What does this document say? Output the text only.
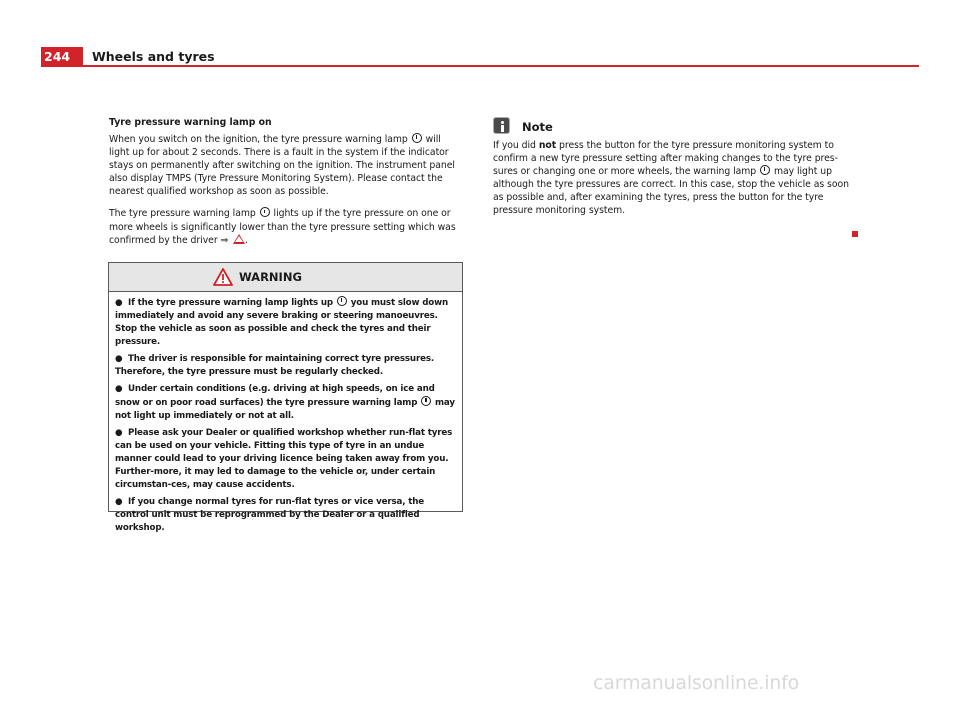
244	Wheels and tyres

Tyre pressure warning lamp on

When you switch on the ignition, the tyre pressure warning lamp will light up for about 2 seconds. There is a fault in the system if the indicator stays on permanently after switching on the ignition. The instrument panel also display TMPS (Tyre Pressure Monitoring System). Please contact the nearest qualified workshop as soon as possible.

The tyre pressure warning lamp lights up if the tyre pressure on one or more wheels is significantly lower than the tyre pressure setting which was confirmed by the driver ⇒ .

WARNING

● If the tyre pressure warning lamp lights up you must slow down immediately and avoid any severe braking or steering manoeuvres. Stop the vehicle as soon as possible and check the tyres and their pressure.

● The driver is responsible for maintaining correct tyre pressures. Therefore, the tyre pressure must be regularly checked.

● Under certain conditions (e.g. driving at high speeds, on ice and snow or on poor road surfaces) the tyre pressure warning lamp may not light up immediately or not at all.

● Please ask your Dealer or qualified workshop whether run-flat tyres can be used on your vehicle. Fitting this type of tyre in an undue manner could lead to your driving licence being taken away from you. Further-more, it may led to damage to the vehicle or, under certain circumstan-ces, may cause accidents.

● If you change normal tyres for run-flat tyres or vice versa, the control unit must be reprogrammed by the Dealer or a qualified workshop.

Note

If you did not press the button for the tyre pressure monitoring system to confirm a new tyre pressure setting after making changes to the tyre pres-sures or changing one or more wheels, the warning lamp may light up although the tyre pressures are correct. In this case, stop the vehicle as soon as possible and, after examining the tyres, press the button for the tyre pressure monitoring system.

carmanualsonline.info
